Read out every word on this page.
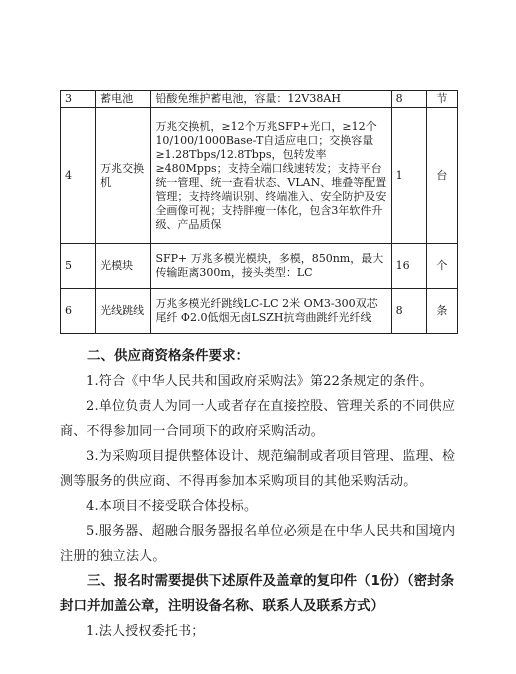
3	蓄电池	铅酸免维护蓄电池，容量：12V38AH	8	节
4	万兆交换机	万兆交换机，≥12个万兆SFP+光口，≥12个10/100/1000Base-T自适应电口；交换容量≥1.28Tbps/12.8Tbps，包转发率≥480Mpps；支持全端口线速转发；支持平台统一管理、统一查看状态、VLAN、堆叠等配置管理；支持终端识别、终端准入、安全防护及安全画像可视；支持胖瘦一体化，包含3年软件升级、产品质保	1	台
5	光模块	SFP+ 万兆多模光模块，多模，850nm，最大传输距离300m，接头类型：LC	16	个
6	光线跳线	万兆多模光纤跳线LC-LC 2米 OM3-300双芯尾纤 Φ2.0低烟无卤LSZH抗弯曲跳纤光纤线	8	条

二、供应商资格条件要求：

1.符合《中华人民共和国政府采购法》第22条规定的条件。

2.单位负责人为同一人或者存在直接控股、管理关系的不同供应商、不得参加同一合同项下的政府采购活动。

3.为采购项目提供整体设计、规范编制或者项目管理、监理、检测等服务的供应商、不得再参加本采购项目的其他采购活动。

4.本项目不接受联合体投标。

5.服务器、超融合服务器报名单位必须是在中华人民共和国境内注册的独立法人。

三、报名时需要提供下述原件及盖章的复印件（1份）（密封条封口并加盖公章，注明设备名称、联系人及联系方式）

1.法人授权委托书；
